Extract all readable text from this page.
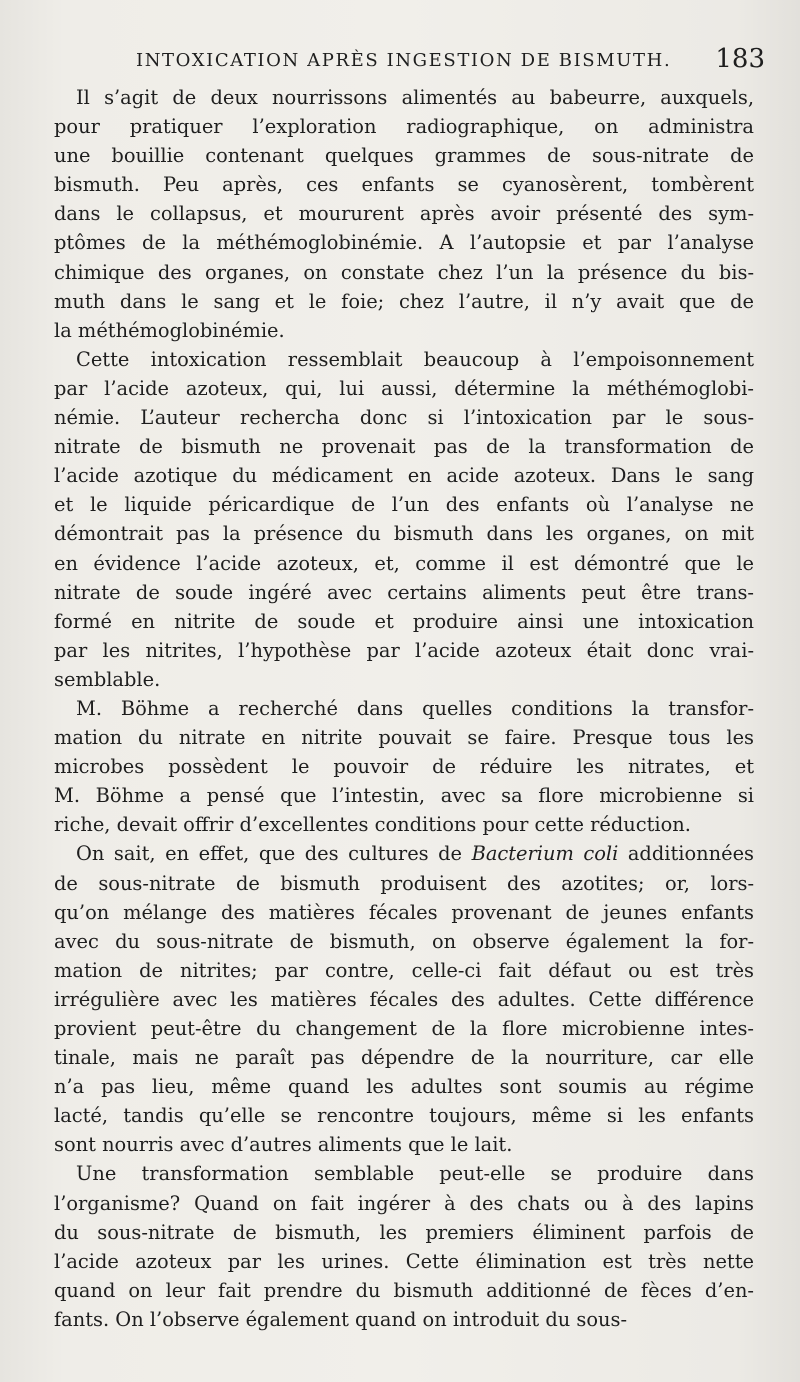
INTOXICATION APRÈS INGESTION DE BISMUTH. 183
Il s’agit de deux nourrissons alimentés au babeurre, auxquels,
pour pratiquer l’exploration radiographique, on administra
une bouillie contenant quelques grammes de sous-nitrate de
bismuth. Peu après, ces enfants se cyanosèrent, tombèrent
dans le collapsus, et moururent après avoir présenté des sym-
ptômes de la méthémoglobinémie. A l’autopsie et par l’analyse
chimique des organes, on constate chez l’un la présence du bis-
muth dans le sang et le foie; chez l’autre, il n’y avait que de
la méthémoglobinémie.
Cette intoxication ressemblait beaucoup à l’empoisonnement
par l’acide azoteux, qui, lui aussi, détermine la méthémoglobi-
némie. L’auteur rechercha donc si l’intoxication par le sous-
nitrate de bismuth ne provenait pas de la transformation de
l’acide azotique du médicament en acide azoteux. Dans le sang
et le liquide péricardique de l’un des enfants où l’analyse ne
démontrait pas la présence du bismuth dans les organes, on mit
en évidence l’acide azoteux, et, comme il est démontré que le
nitrate de soude ingéré avec certains aliments peut être trans-
formé en nitrite de soude et produire ainsi une intoxication
par les nitrites, l’hypothèse par l’acide azoteux était donc vrai-
semblable.
M. Böhme a recherché dans quelles conditions la transfor-
mation du nitrate en nitrite pouvait se faire. Presque tous les
microbes possèdent le pouvoir de réduire les nitrates, et
M. Böhme a pensé que l’intestin, avec sa flore microbienne si
riche, devait offrir d’excellentes conditions pour cette réduction.
On sait, en effet, que des cultures de Bacterium coli additionnées
de sous-nitrate de bismuth produisent des azotites; or, lors-
qu’on mélange des matières fécales provenant de jeunes enfants
avec du sous-nitrate de bismuth, on observe également la for-
mation de nitrites; par contre, celle-ci fait défaut ou est très
irrégulière avec les matières fécales des adultes. Cette différence
provient peut-être du changement de la flore microbienne intes-
tinale, mais ne paraît pas dépendre de la nourriture, car elle
n’a pas lieu, même quand les adultes sont soumis au régime
lacté, tandis qu’elle se rencontre toujours, même si les enfants
sont nourris avec d’autres aliments que le lait.
Une transformation semblable peut-elle se produire dans
l’organisme? Quand on fait ingérer à des chats ou à des lapins
du sous-nitrate de bismuth, les premiers éliminent parfois de
l’acide azoteux par les urines. Cette élimination est très nette
quand on leur fait prendre du bismuth additionné de fèces d’en-
fants. On l’observe également quand on introduit du sous-
